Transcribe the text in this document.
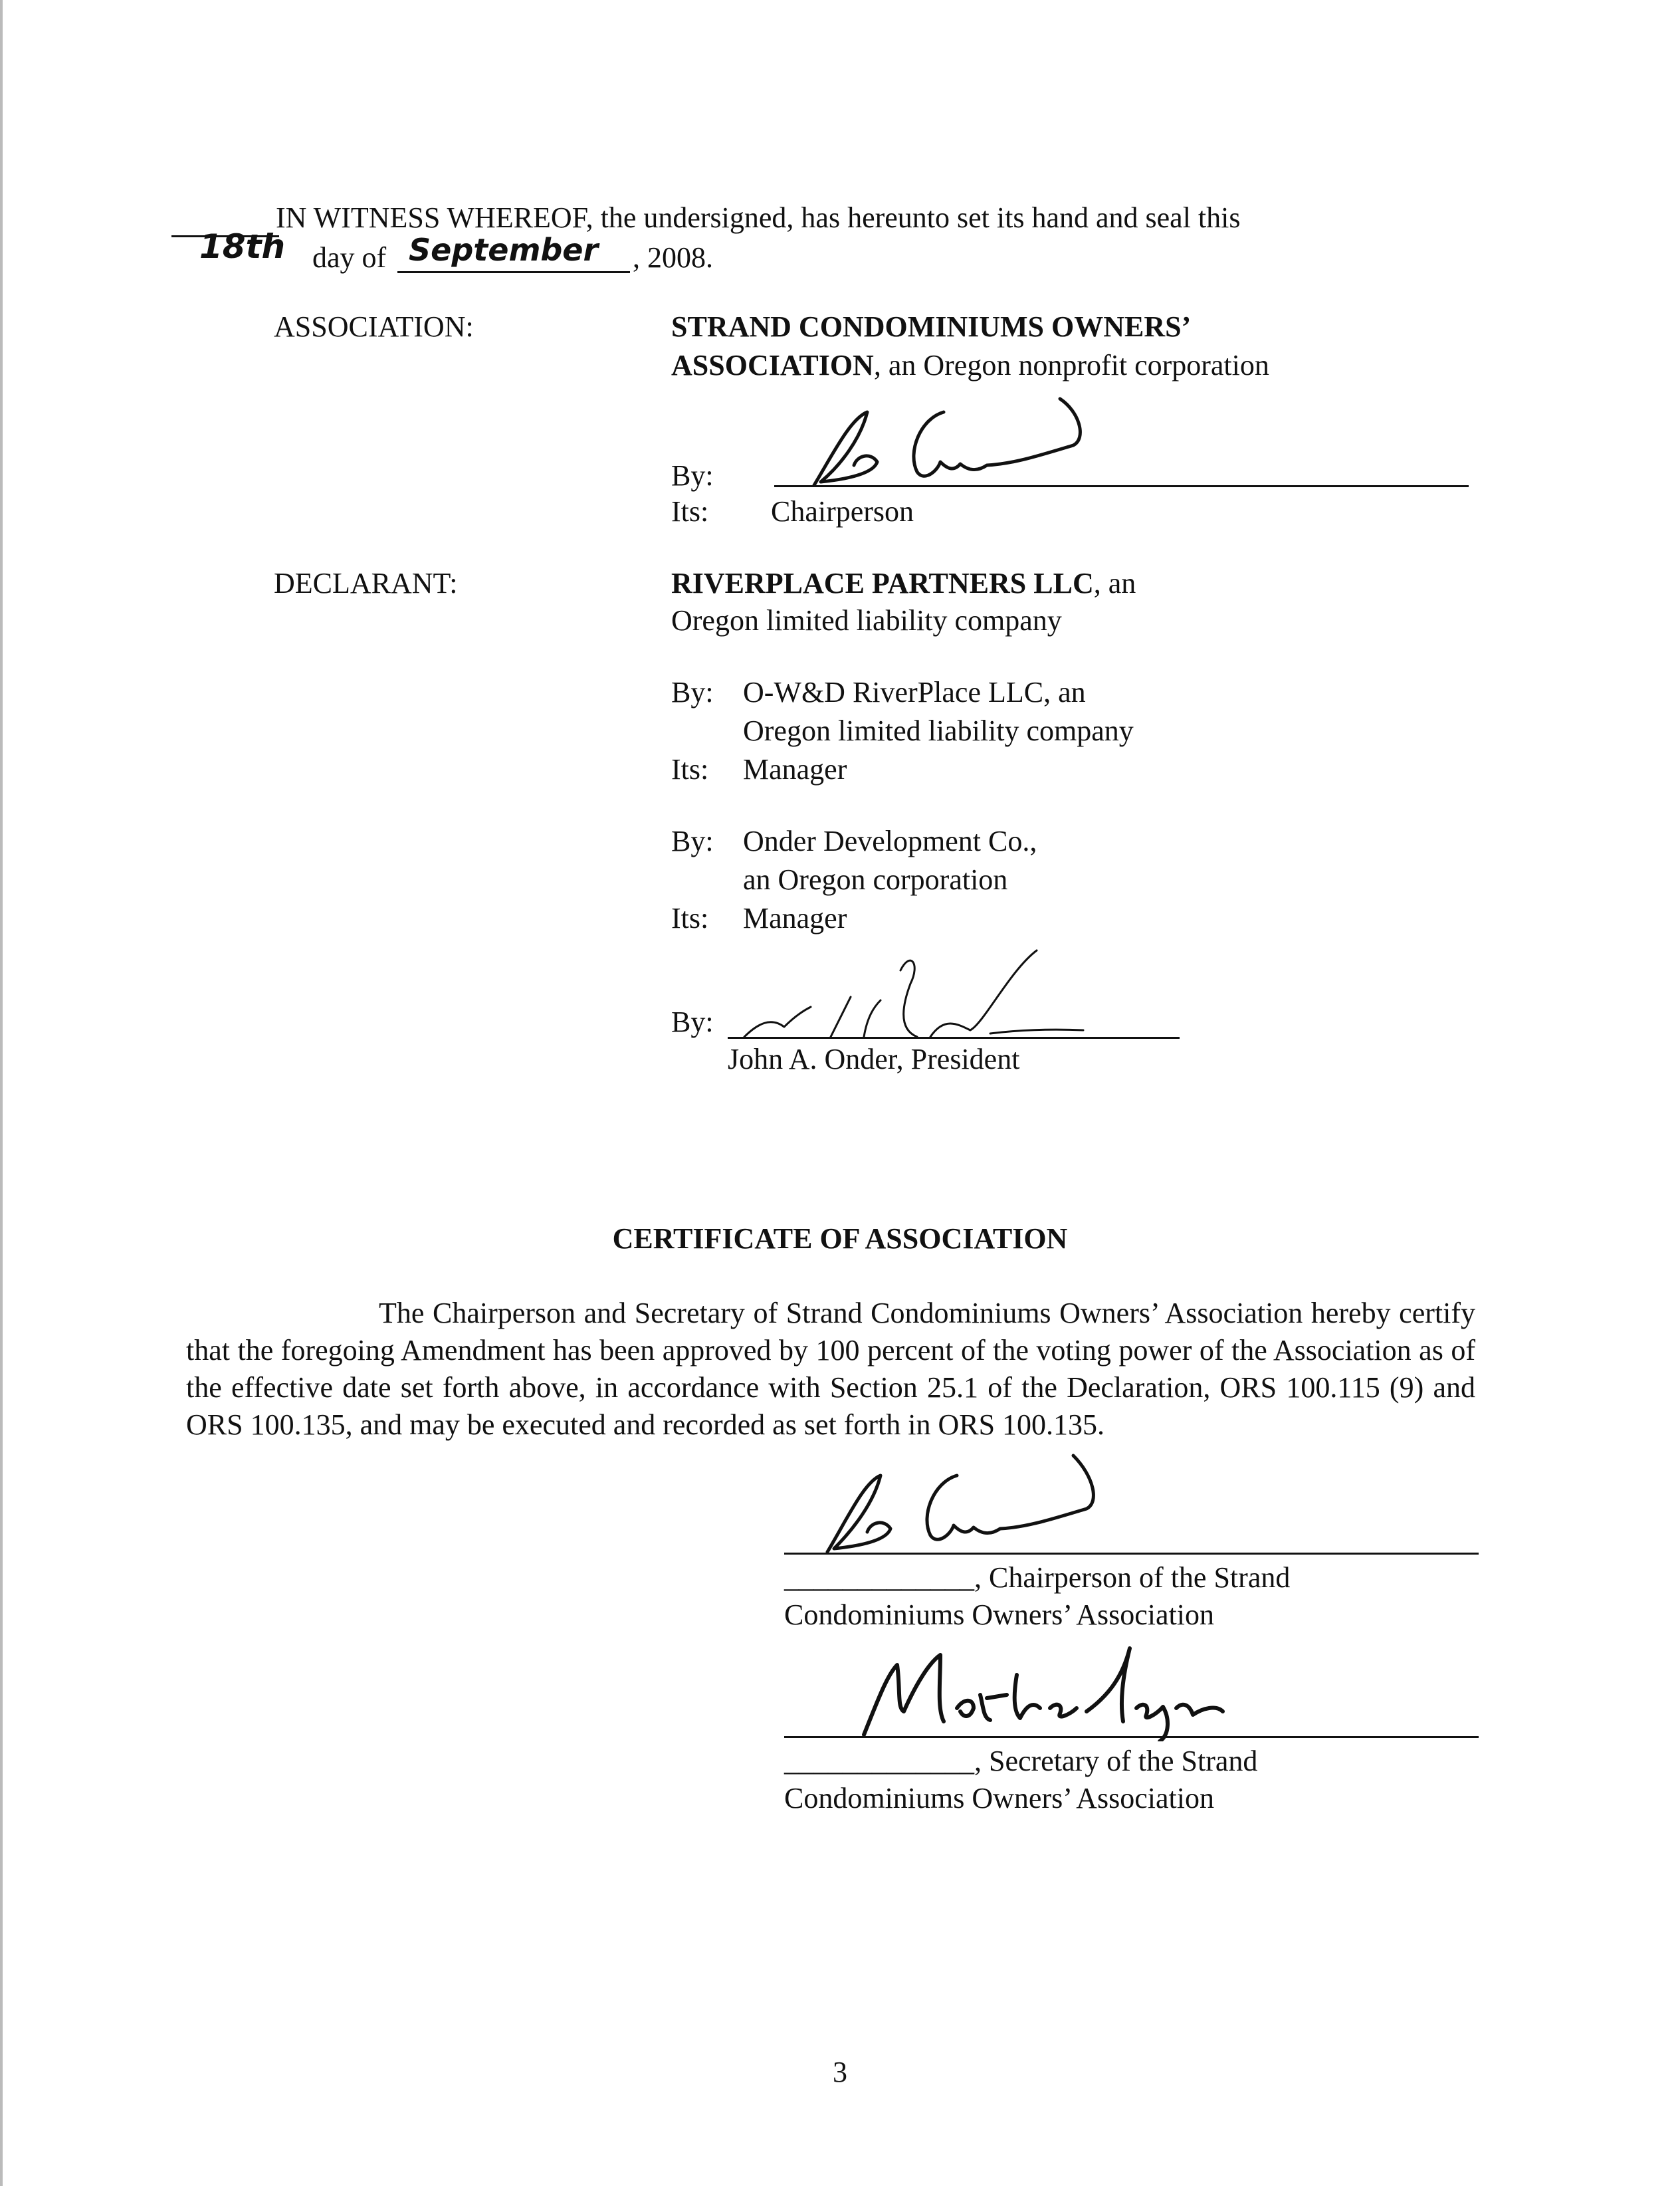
IN WITNESS WHEREOF, the undersigned, has hereunto set its hand and seal this
18th day of September , 2008.
ASSOCIATION:	STRAND CONDOMINIUMS OWNERS’
ASSOCIATION, an Oregon nonprofit corporation
By:
Its: Chairperson
DECLARANT:	RIVERPLACE PARTNERS LLC, an
Oregon limited liability company
By: O-W&D RiverPlace LLC, an
Oregon limited liability company
Its: Manager
By: Onder Development Co.,
an Oregon corporation
Its: Manager
By:
John A. Onder, President
CERTIFICATE OF ASSOCIATION
The Chairperson and Secretary of Strand Condominiums Owners’ Association hereby certify that the foregoing Amendment has been approved by 100 percent of the voting power of the Association as of the effective date set forth above, in accordance with Section 25.1 of the Declaration, ORS 100.115 (9) and ORS 100.135, and may be executed and recorded as set forth in ORS 100.135.
_____________, Chairperson of the Strand
Condominiums Owners’ Association
_____________, Secretary of the Strand
Condominiums Owners’ Association
3
